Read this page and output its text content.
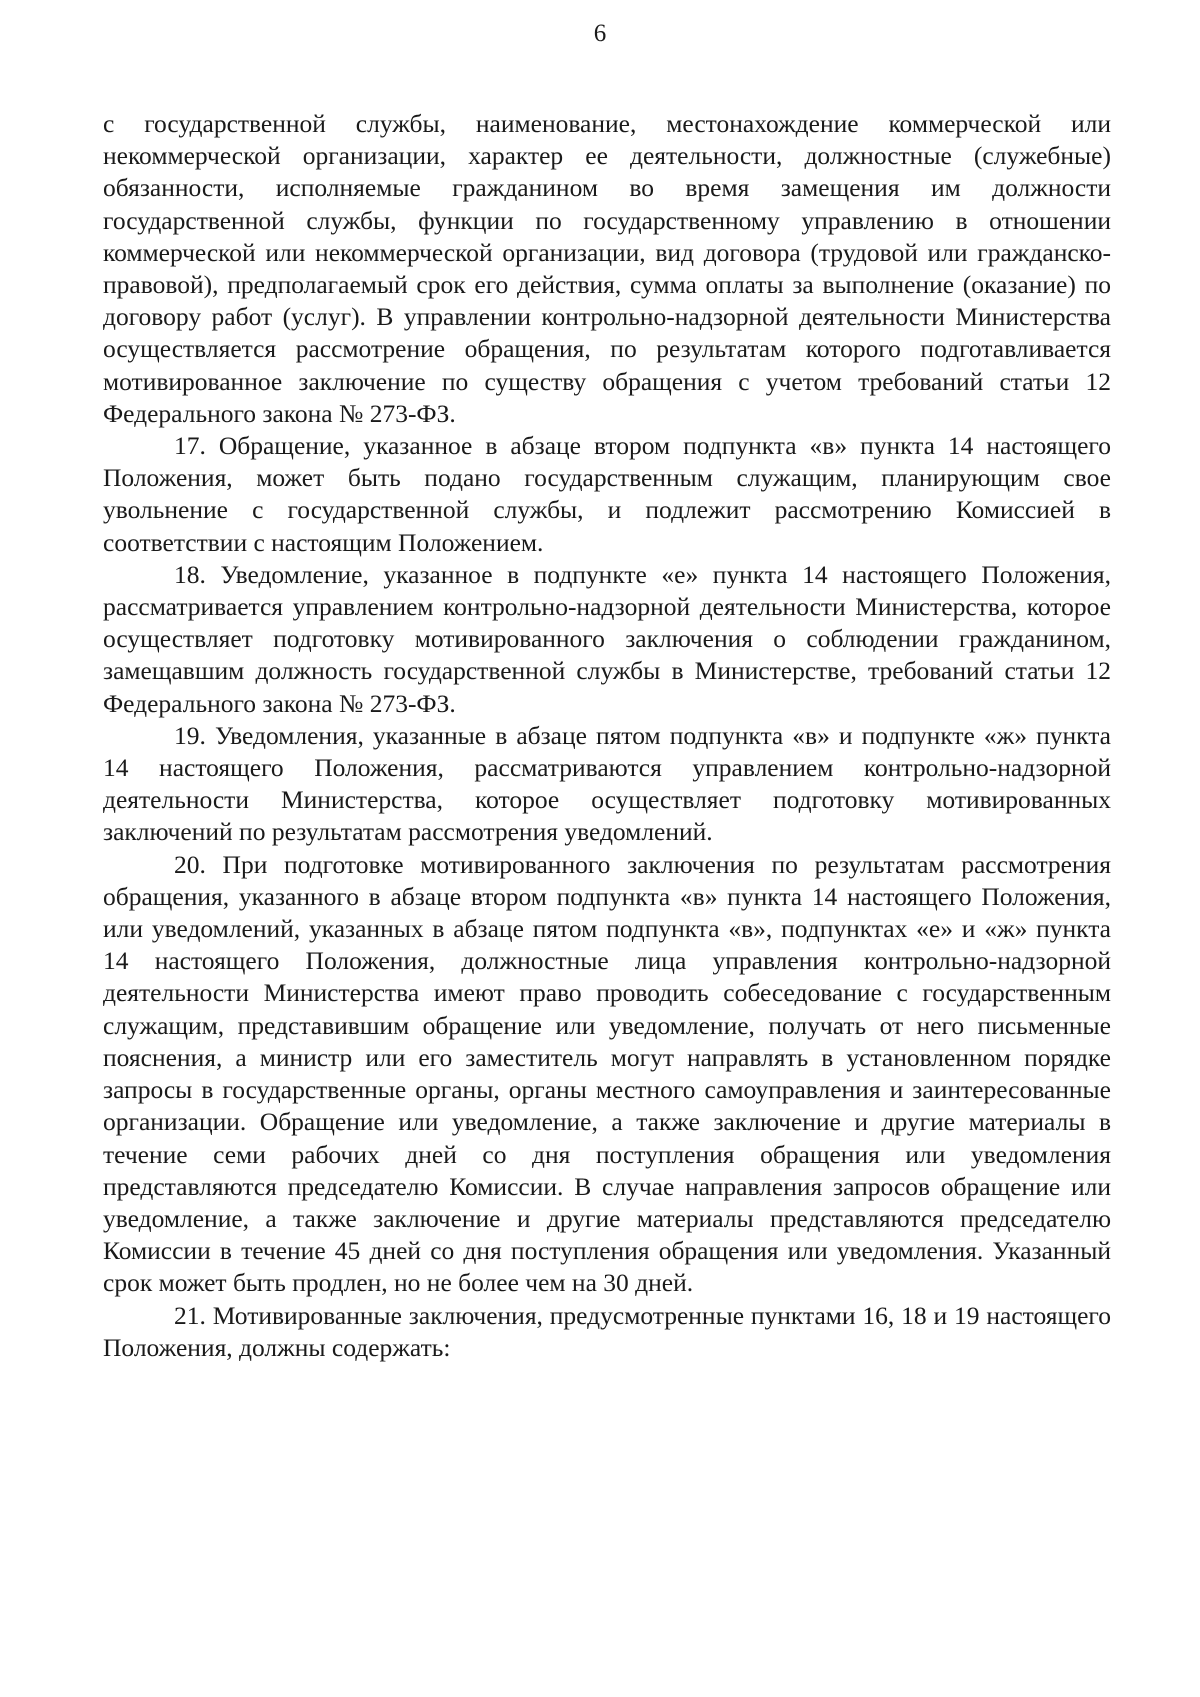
6

с государственной службы, наименование, местонахождение коммерческой или некоммерческой организации, характер ее деятельности, должностные (служебные) обязанности, исполняемые гражданином во время замещения им должности государственной службы, функции по государственному управлению в отношении коммерческой или некоммерческой организации, вид договора (трудовой или гражданско-правовой), предполагаемый срок его действия, сумма оплаты за выполнение (оказание) по договору работ (услуг). В управлении контрольно-надзорной деятельности Министерства осуществляется рассмотрение обращения, по результатам которого подготавливается мотивированное заключение по существу обращения с учетом требований статьи 12 Федерального закона № 273-ФЗ.

17. Обращение, указанное в абзаце втором подпункта «в» пункта 14 настоящего Положения, может быть подано государственным служащим, планирующим свое увольнение с государственной службы, и подлежит рассмотрению Комиссией в соответствии с настоящим Положением.

18. Уведомление, указанное в подпункте «е» пункта 14 настоящего Положения, рассматривается управлением контрольно-надзорной деятельности Министерства, которое осуществляет подготовку мотивированного заключения о соблюдении гражданином, замещавшим должность государственной службы в Министерстве, требований статьи 12 Федерального закона № 273-ФЗ.

19. Уведомления, указанные в абзаце пятом подпункта «в» и подпункте «ж» пункта 14 настоящего Положения, рассматриваются управлением контрольно-надзорной деятельности Министерства, которое осуществляет подготовку мотивированных заключений по результатам рассмотрения уведомлений.

20. При подготовке мотивированного заключения по результатам рассмотрения обращения, указанного в абзаце втором подпункта «в» пункта 14 настоящего Положения, или уведомлений, указанных в абзаце пятом подпункта «в», подпунктах «е» и «ж» пункта 14 настоящего Положения, должностные лица управления контрольно-надзорной деятельности Министерства имеют право проводить собеседование с государственным служащим, представившим обращение или уведомление, получать от него письменные пояснения, а министр или его заместитель могут направлять в установленном порядке запросы в государственные органы, органы местного самоуправления и заинтересованные организации. Обращение или уведомление, а также заключение и другие материалы в течение семи рабочих дней со дня поступления обращения или уведомления представляются председателю Комиссии. В случае направления запросов обращение или уведомление, а также заключение и другие материалы представляются председателю Комиссии в течение 45 дней со дня поступления обращения или уведомления. Указанный срок может быть продлен, но не более чем на 30 дней.

21. Мотивированные заключения, предусмотренные пунктами 16, 18 и 19 настоящего Положения, должны содержать:
